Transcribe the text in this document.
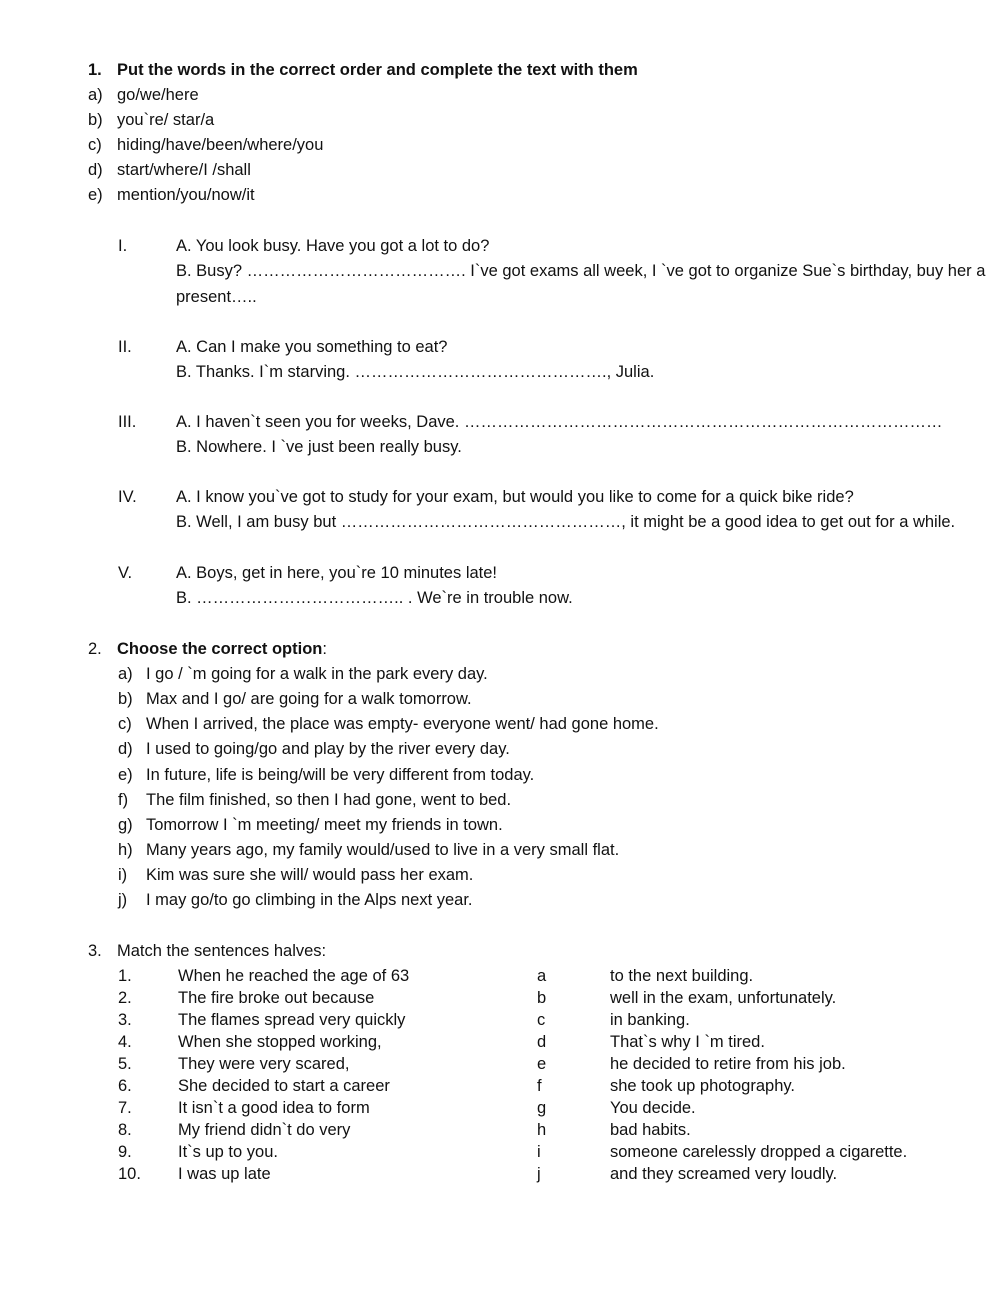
1. Put the words in the correct order and complete the text with them
a) go/we/here
b) you`re/ star/a
c) hiding/have/been/where/you
d) start/where/I /shall
e) mention/you/now/it
I.	A. You look busy. Have you got a lot to do?
B. Busy? …………………………………. I`ve got exams all week, I `ve got to organize Sue`s birthday, buy her a
present…..
II.	A. Can I make you something to eat?
B. Thanks. I`m starving. ………………………………………., Julia.
III. A. I haven`t seen you for weeks, Dave. ……………………………………………………………………………
B. Nowhere. I `ve just been really busy.
IV. A. I know you`ve got to study for your exam, but would you like to come for a quick bike ride?
B. Well, I am busy but ……………………………………………, it might be a good idea to get out for a while.
V.	A. Boys, get in here, you`re 10 minutes late!
B. ……………………………….. . We`re in trouble now.
2. Choose the correct option:
a) I go / `m going for a walk in the park every day.
b) Max and I go/ are going for a walk tomorrow.
c) When I arrived, the place was empty- everyone went/ had gone home.
d) I used to going/go and play by the river every day.
e) In future, life is being/will be very different from today.
f) The film finished, so then I had gone, went to bed.
g) Tomorrow I `m meeting/ meet my friends in town.
h) Many years ago, my family would/used to live in a very small flat.
i) Kim was sure she will/ would pass her exam.
j) I may go/to go climbing in the Alps next year.
3. Match the sentences halves:
1.	When he reached the age of 63	a	to the next building.
2.	The fire broke out because	b	well in the exam, unfortunately.
3.	The flames spread very quickly	c	in banking.
4.	When she stopped working,	d	That`s why I `m tired.
5.	They were very scared,	e	he decided to retire from his job.
6.	She decided to start a career	f	she took up photography.
7.	It isn`t a good idea to form	g	You decide.
8.	My friend didn`t do very	h	bad habits.
9.	It`s up to you.	i	someone carelessly dropped a cigarette.
10. I was up late	j	and they screamed very loudly.
